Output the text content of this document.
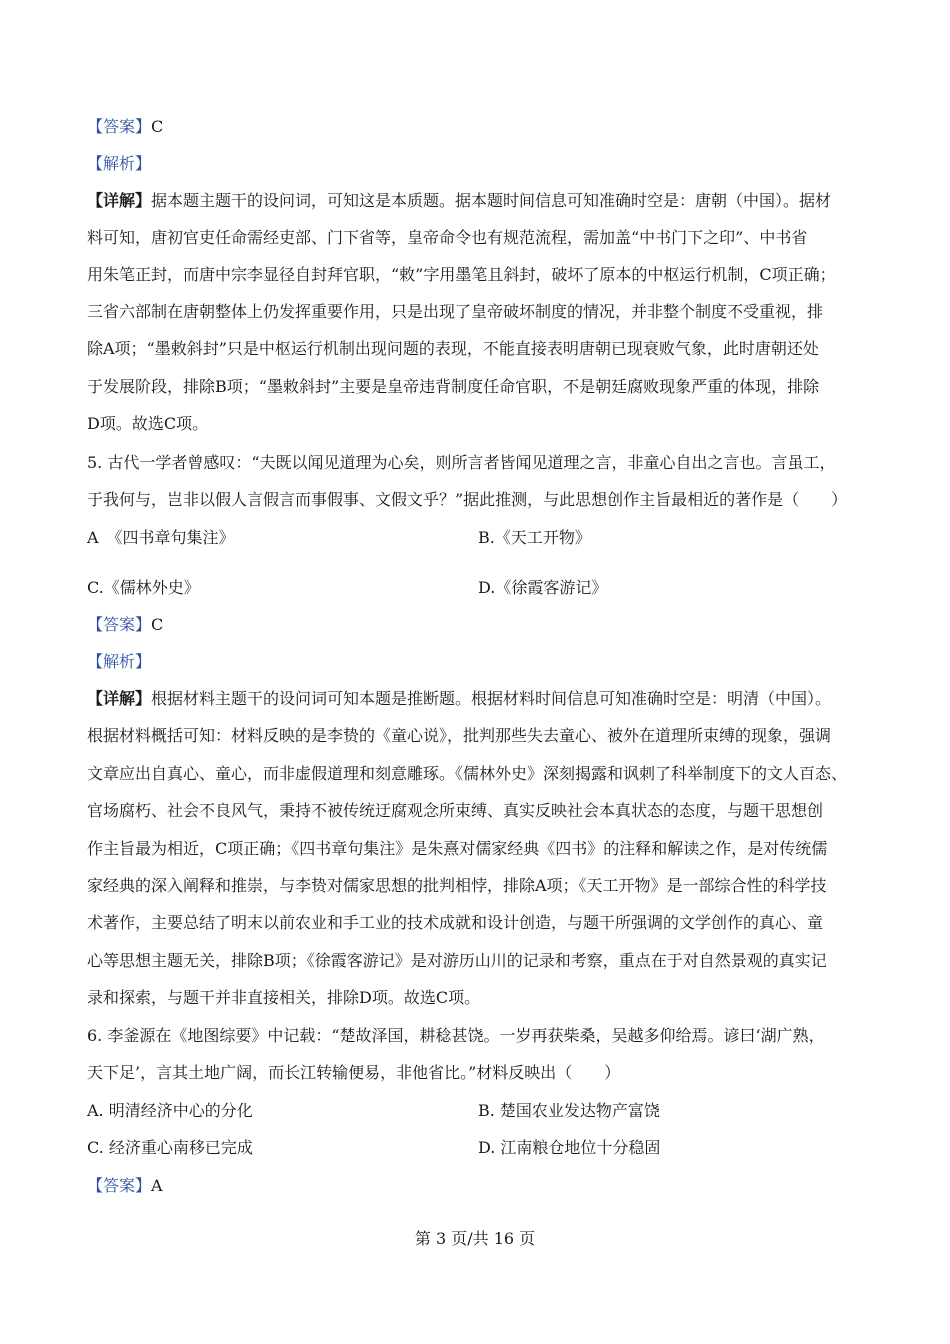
【答案】C
【解析】
【详解】据本题主题干的设问词，可知这是本质题。据本题时间信息可知准确时空是：唐朝（中国）。据材
料可知，唐初官吏任命需经吏部、门下省等，皇帝命令也有规范流程，需加盖“中书门下之印”、中书省
用朱笔正封，而唐中宗李显径自封拜官职，“敕”字用墨笔且斜封，破坏了原本的中枢运行机制，C项正确；
三省六部制在唐朝整体上仍发挥重要作用，只是出现了皇帝破坏制度的情况，并非整个制度不受重视，排
除A项；“墨敕斜封”只是中枢运行机制出现问题的表现，不能直接表明唐朝已现衰败气象，此时唐朝还处
于发展阶段，排除B项；“墨敕斜封”主要是皇帝违背制度任命官职，不是朝廷腐败现象严重的体现，排除
D项。故选C项。
5. 古代一学者曾感叹：“夫既以闻见道理为心矣，则所言者皆闻见道理之言，非童心自出之言也。言虽工，
于我何与，岂非以假人言假言而事假事、文假文乎？”据此推测，与此思想创作主旨最相近的著作是（　　）
A　《四书章句集注》	B.《天工开物》
C.《儒林外史》	D.《徐霞客游记》
【答案】C
【解析】
【详解】根据材料主题干的设问词可知本题是推断题。根据材料时间信息可知准确时空是：明清（中国）。
根据材料概括可知：材料反映的是李贽的《童心说》，批判那些失去童心、被外在道理所束缚的现象，强调
文章应出自真心、童心，而非虚假道理和刻意雕琢。《儒林外史》深刻揭露和讽刺了科举制度下的文人百态、
官场腐朽、社会不良风气，秉持不被传统迂腐观念所束缚、真实反映社会本真状态的态度，与题干思想创
作主旨最为相近，C项正确；《四书章句集注》是朱熹对儒家经典《四书》的注释和解读之作，是对传统儒
家经典的深入阐释和推崇，与李贽对儒家思想的批判相悖，排除A项；《天工开物》是一部综合性的科学技
术著作，主要总结了明末以前农业和手工业的技术成就和设计创造，与题干所强调的文学创作的真心、童
心等思想主题无关，排除B项；《徐霞客游记》是对游历山川的记录和考察，重点在于对自然景观的真实记
录和探索，与题干并非直接相关，排除D项。故选C项。
6. 李釜源在《地图综要》中记载：“楚故泽国，耕稔甚饶。一岁再获柴桑，吴越多仰给焉。谚曰‘湖广熟，
天下足’，言其土地广阔，而长江转输便易，非他省比。”材料反映出（　　）
A. 明清经济中心的分化	B. 楚国农业发达物产富饶
C. 经济重心南移已完成	D. 江南粮仓地位十分稳固
【答案】A
第 3 页/共 16 页
